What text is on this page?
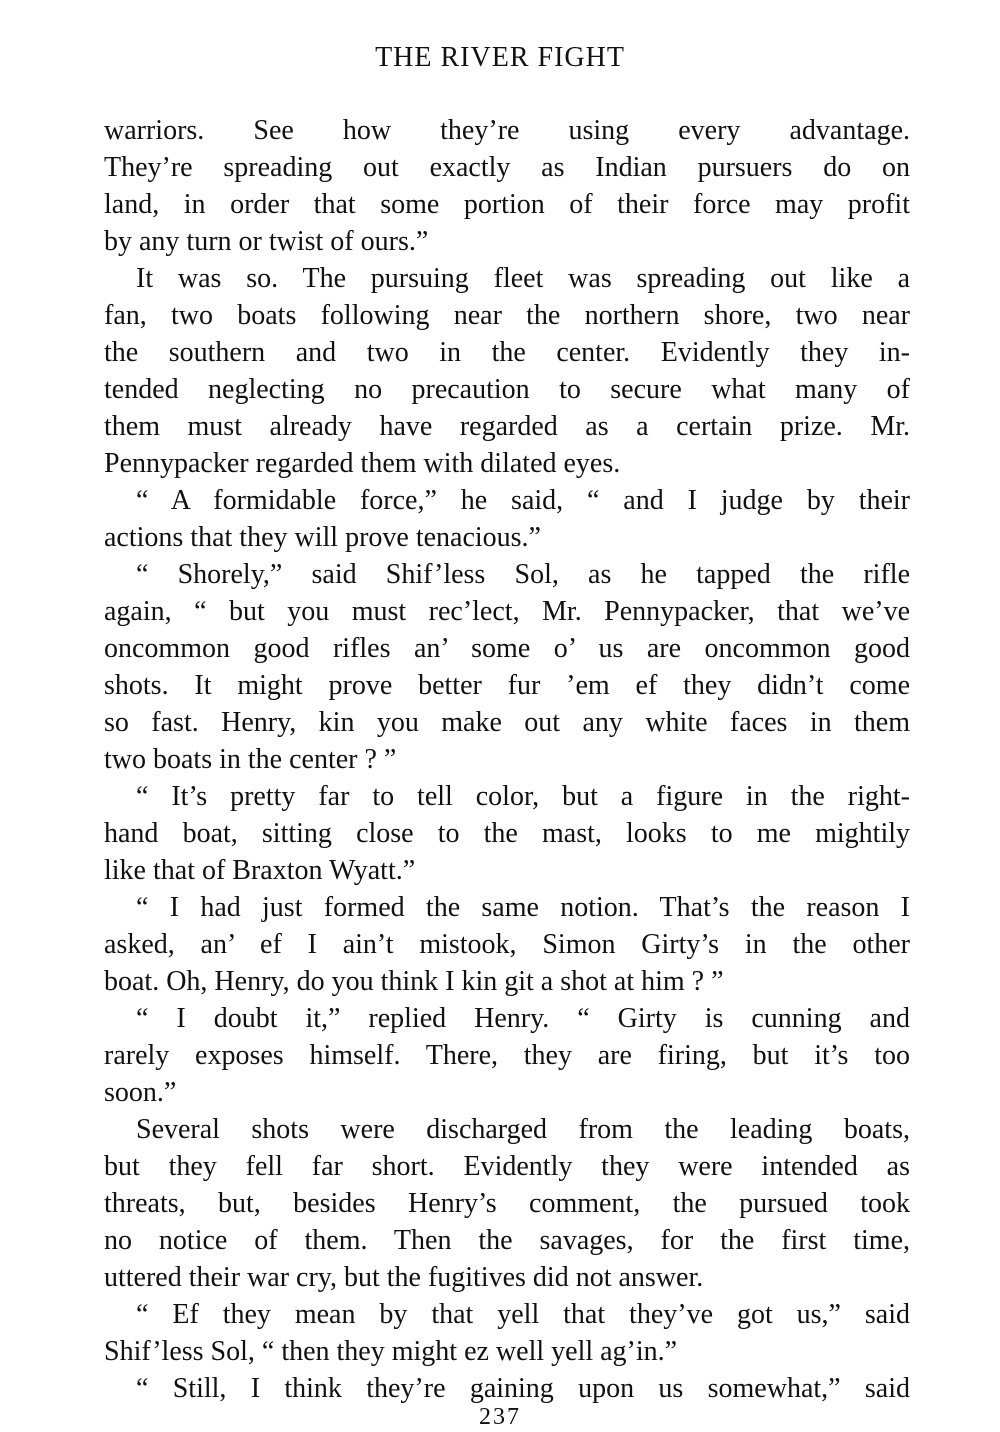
THE RIVER FIGHT
warriors. See how they’re using every advantage.
They’re spreading out exactly as Indian pursuers do on
land, in order that some portion of their force may profit
by any turn or twist of ours.”
It was so. The pursuing fleet was spreading out like a
fan, two boats following near the northern shore, two near
the southern and two in the center. Evidently they in-
tended neglecting no precaution to secure what many of
them must already have regarded as a certain prize. Mr.
Pennypacker regarded them with dilated eyes.
“ A formidable force,” he said, “ and I judge by their
actions that they will prove tenacious.”
“ Shorely,” said Shif’less Sol, as he tapped the rifle
again, “ but you must rec’lect, Mr. Pennypacker, that we’ve
oncommon good rifles an’ some o’ us are oncommon good
shots. It might prove better fur ’em ef they didn’t come
so fast. Henry, kin you make out any white faces in them
two boats in the center ? ”
“ It’s pretty far to tell color, but a figure in the right-
hand boat, sitting close to the mast, looks to me mightily
like that of Braxton Wyatt.”
“ I had just formed the same notion. That’s the reason I
asked, an’ ef I ain’t mistook, Simon Girty’s in the other
boat. Oh, Henry, do you think I kin git a shot at him ? ”
“ I doubt it,” replied Henry. “ Girty is cunning and
rarely exposes himself. There, they are firing, but it’s too
soon.”
Several shots were discharged from the leading boats,
but they fell far short. Evidently they were intended as
threats, but, besides Henry’s comment, the pursued took
no notice of them. Then the savages, for the first time,
uttered their war cry, but the fugitives did not answer.
“ Ef they mean by that yell that they’ve got us,” said
Shif’less Sol, “ then they might ez well yell ag’in.”
“ Still, I think they’re gaining upon us somewhat,” said
237
